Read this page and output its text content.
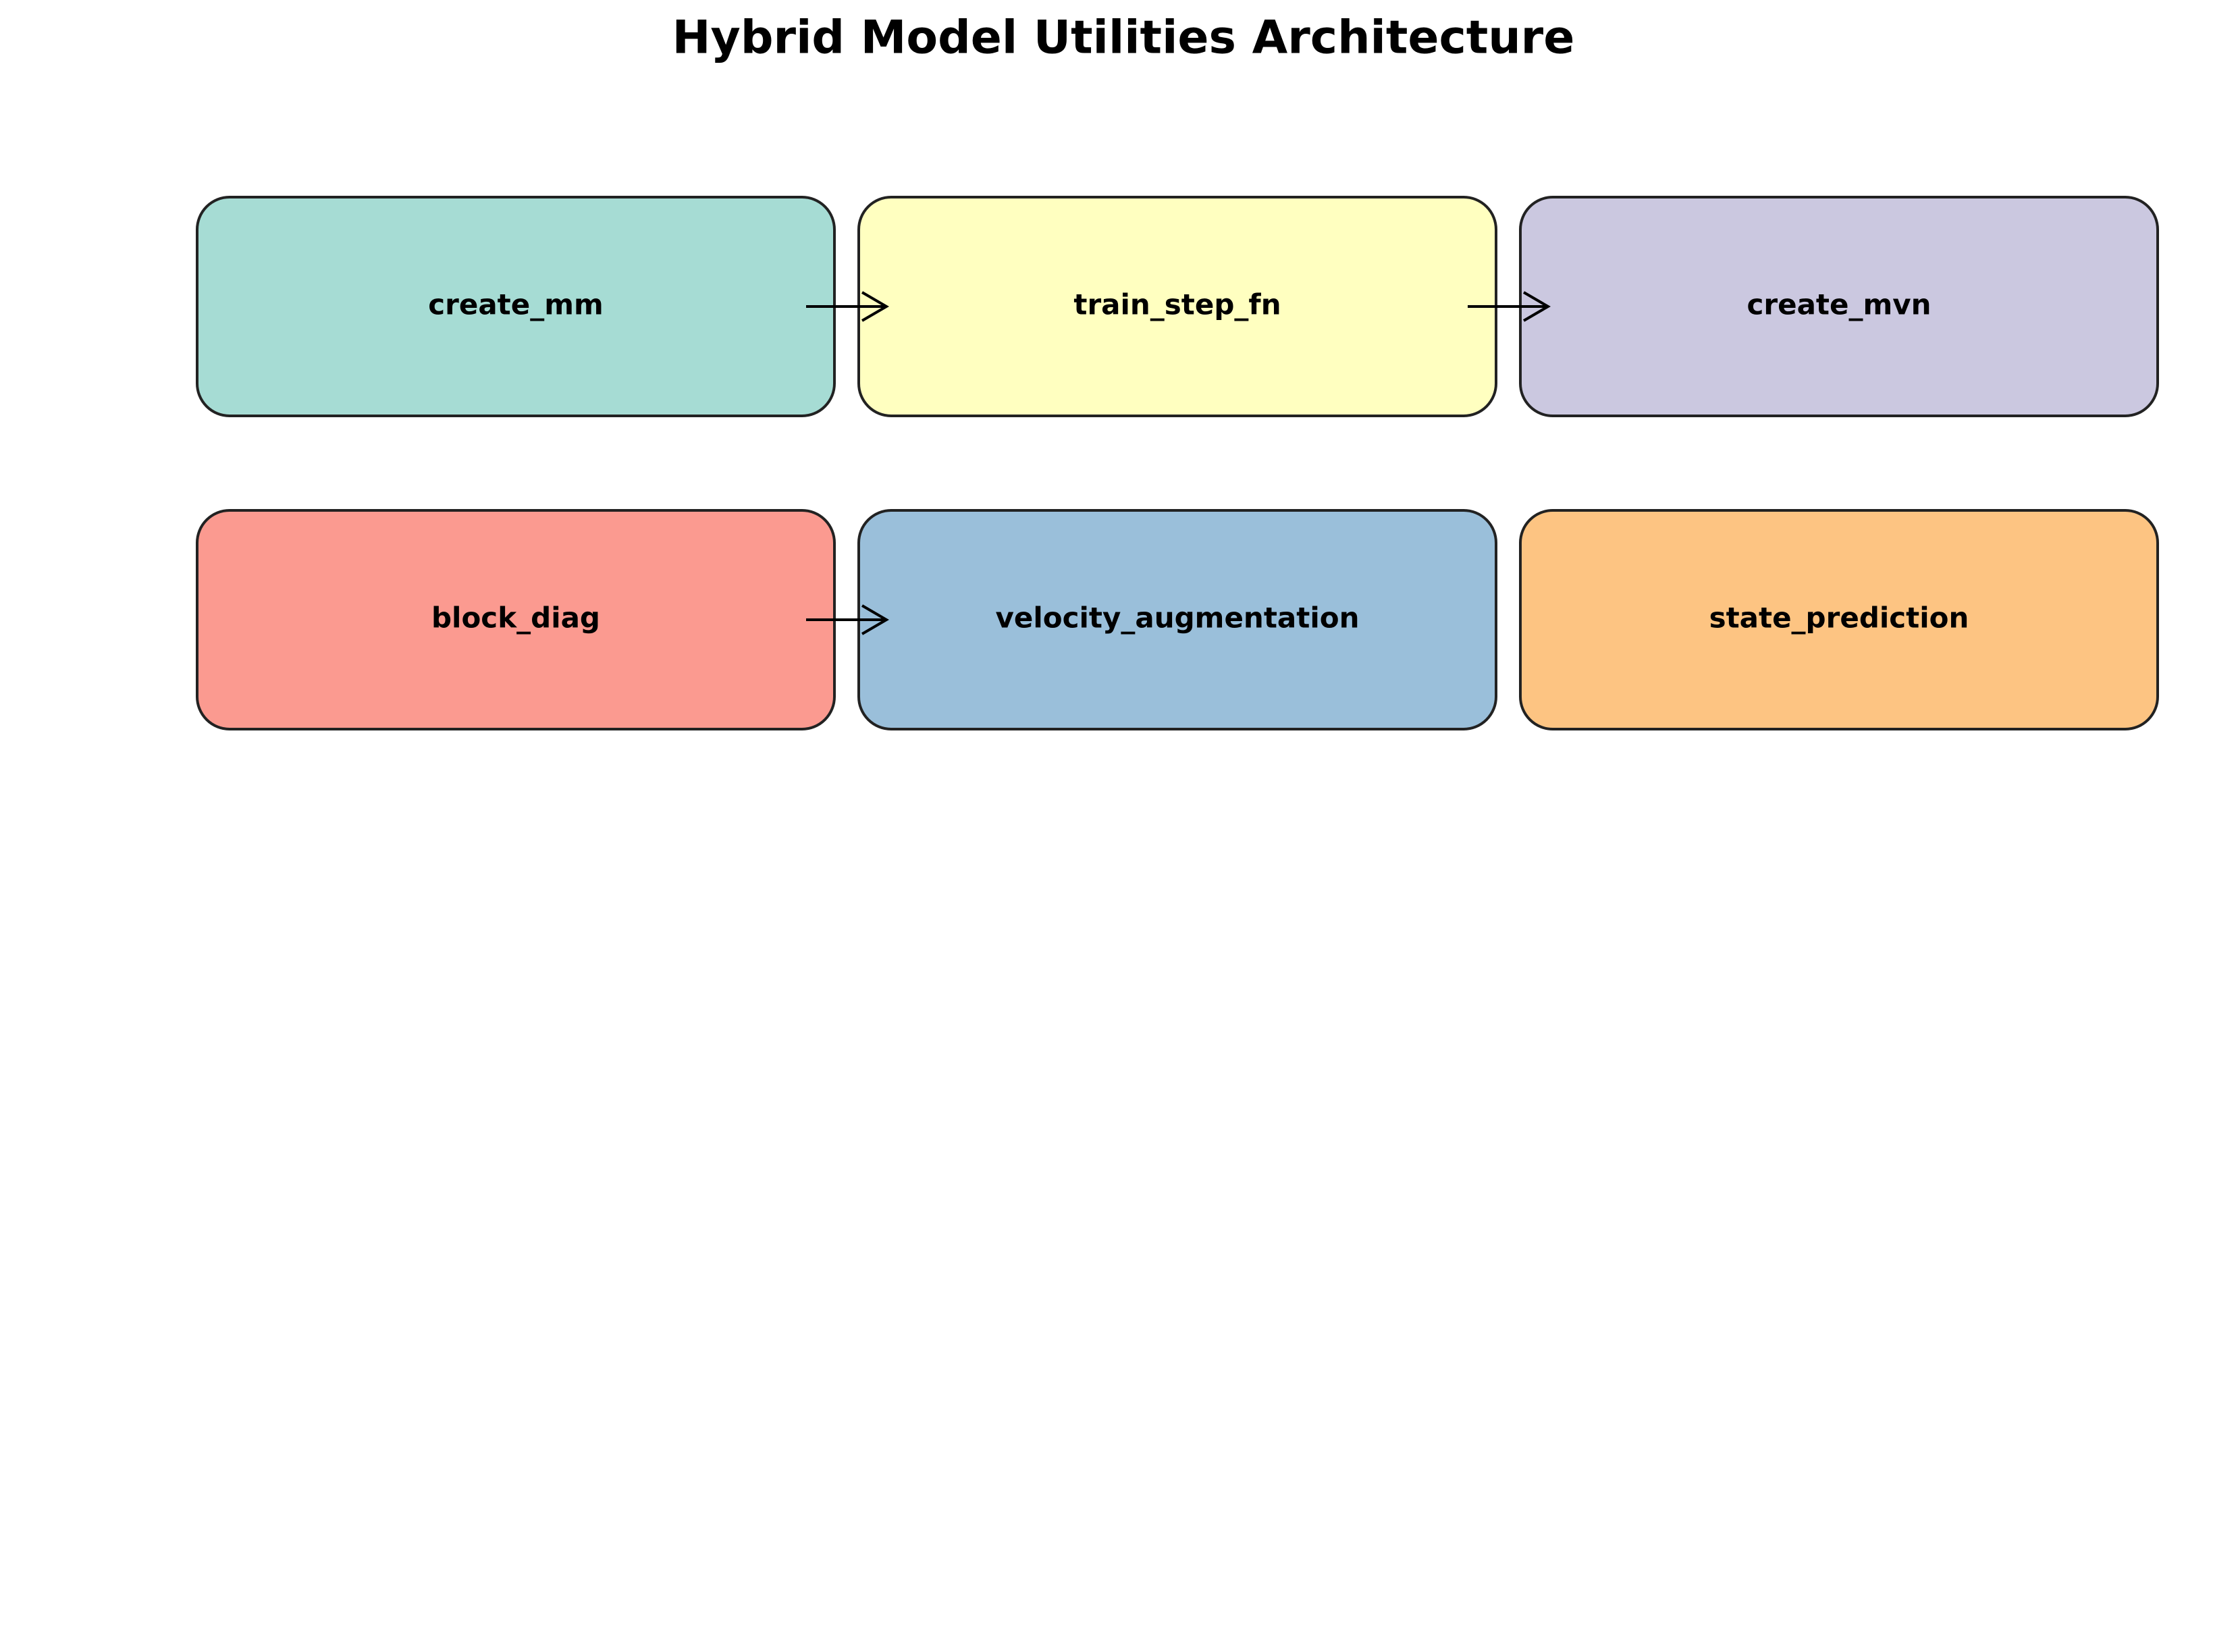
Hybrid Model Utilities Architecture
create_mm	train_step_fn	create_mvn
block_diag	velocity_augmentation	state_prediction
